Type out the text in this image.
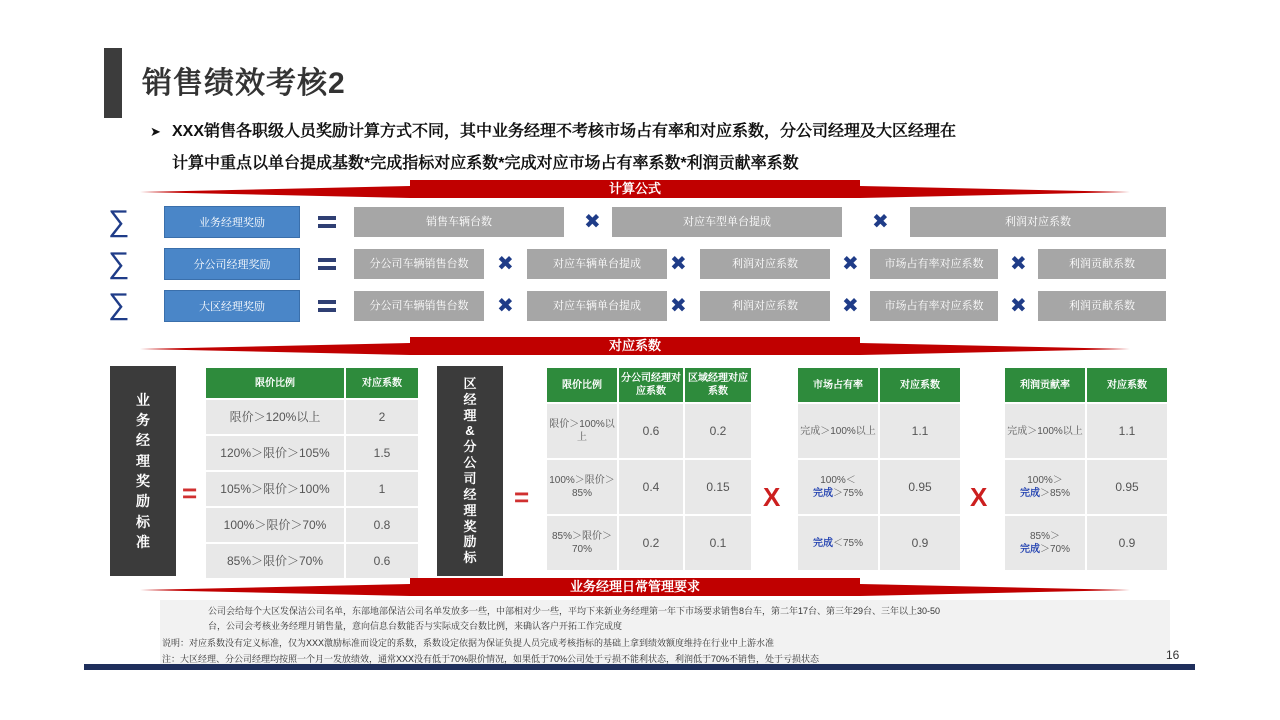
销售绩效考核2
➤ XXX销售各职级人员奖励计算方式不同，其中业务经理不考核市场占有率和对应系数，分公司经理及大区经理在
计算中重点以单台提成基数*完成指标对应系数*完成对应市场占有率系数*利润贡献率系数
计算公式
∑	业务经理奖励	销售车辆台数	✖	对应车型单台提成	✖	利润对应系数
∑	分公司经理奖励	分公司车辆销售台数	✖	对应车辆单台提成	✖	利润对应系数	✖	市场占有率对应系数	✖	利润贡献系数
∑	大区经理奖励	分公司车辆销售台数	✖	对应车辆单台提成	✖	利润对应系数	✖	市场占有率对应系数	✖	利润贡献系数
对应系数
业务经理奖励标准
=
限价比例	对应系数
限价＞120%以上	2
120%＞限价＞105%	1.5
105%＞限价＞100%	1
100%＞限价＞70%	0.8
85%＞限价＞70%	0.6
区经理&分公司经理奖励标
=
限价比例	分公司经理对应系数	区域经理对应系数
限价＞100%以上	0.6	0.2
100%＞限价＞85%	0.4	0.15
85%＞限价＞70%	0.2	0.1
X
市场占有率	对应系数
完成＞100%以上	1.1
100%＜
完成＞75%	0.95
完成＜75%	0.9
X
利润贡献率	对应系数
完成＞100%以上	1.1
100%＞
完成＞85%	0.95
85%＞
完成＞70%	0.9
业务经理日常管理要求
公司会给每个大区发保洁公司名单，东部地部保洁公司名单发放多一些，中部相对少一些，平均下来新业务经理第一年下市场要求销售8台车，第二年17台、第三年29台、三年以上30-50
台，公司会考核业务经理月销售量，意向信息台数能否与实际成交台数比例，来确认客户开拓工作完成度
说明：对应系数没有定义标准，仅为XXX激励标准而设定的系数，系数设定依据为保证负提人员完成考核指标的基础上拿到绩效额度维持在行业中上游水准
注：大区经理、分公司经理均按照一个月一发放绩效，通常XXX没有低于70%限价情况，如果低于70%公司处于亏损不能利状态，利润低于70%不销售，处于亏损状态	16
